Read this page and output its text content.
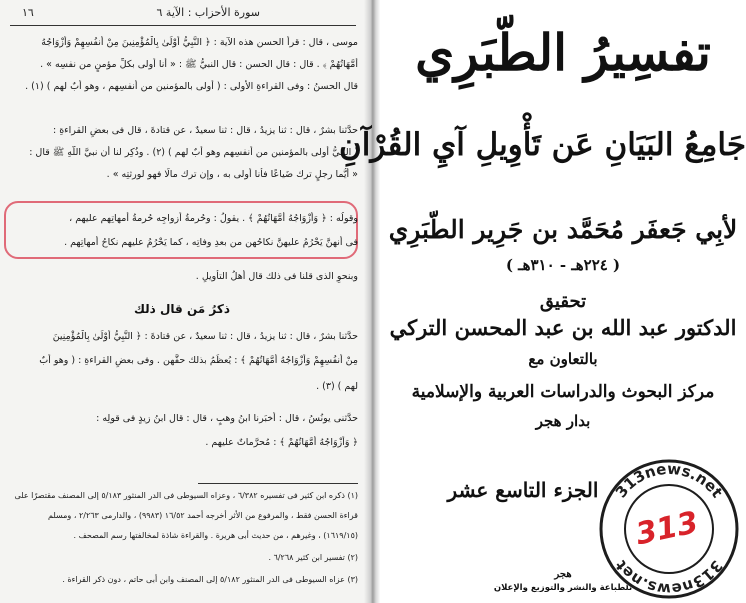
١٦	سورة الأحزاب : الآية ٦
موسى ، قال : قرأ الحسن هذه الآية : ﴿ النَّبِيُّ أَوْلَىٰ بِالْمُؤْمِنِينَ مِنْ أَنفُسِهِمْ وَأَزْوَاجُهُ
أُمَّهَاتُهُمْ ﴾ . قال : قال الحسن : قال النبيُّ ﷺ : « أنا أولى بكلِّ مؤمنٍ من نفسِه » .
قال الحسنُ : وفى القراءةِ الأولى : ( أولى بالمؤمنين من أنفسِهم ، وهو أبٌ لهم ) (١) .
حدَّثنا بشرٌ ، قال : ثنا يزيدُ ، قال : ثنا سعيدٌ ، عن قتادةَ ، قال فى بعضِ القراءةِ :
( النبيُّ أولى بالمؤمنين من أنفسِهم وهو أبٌ لهم ) (٢) . وذُكِر لنا أن نبيَّ اللَّهِ ﷺ قال :
« أيُّما رجلٍ ترك ضَياعًا فأنا أولى به ، وإن ترك مالًا فهو لورثتِه » .
وقولُه : ﴿ وَأَزْوَاجُهُ أُمَّهَاتُهُمْ ﴾ . يقولُ : وحُرمةُ أزواجِه حُرمةُ أمهاتِهم عليهم ،
فى أنهنَّ يَحْرُمُ عليهنَّ نكاحُهن من بعدِ وفاتِه ، كما يَحْرُمُ عليهم نكاحُ أمهاتِهم .
وبنحوِ الذى قلنا فى ذلك قال أهلُ التأويلِ .
ذكرُ مَن قال ذلك
حدَّثنا بشرٌ ، قال : ثنا يزيدُ ، قال : ثنا سعيدٌ ، عن قتادةَ : ﴿ النَّبِيُّ أَوْلَىٰ بِالْمُؤْمِنِينَ
مِنْ أَنفُسِهِمْ وَأَزْوَاجُهُ أُمَّهَاتُهُمْ ﴾ : يُعظِّمُ بذلك حقَّهن . وفى بعضِ القراءةِ : ( وهو أبٌ
لهم ) (٣) .
حدَّثنى يونُسُ ، قال : أخبَرنا ابنُ وهبٍ ، قال : قال ابنُ زيدٍ فى قولِه :
﴿ وَأَزْوَاجُهُ أُمَّهَاتُهُمْ ﴾ : مُحرَّماتٌ عليهم .
(١) ذكره ابن كثير فى تفسيره ٦/٣٨٢ ، وعزاه السيوطى فى الدر المنثور ٥/١٨٣ إلى المصنف مقتصرًا على
قراءة الحسن فقط ، والمرفوع من الأثر أخرجه أحمد ١٦/٥٢ (٩٩٨٣) ، والدارمى ٢/٢٦٣ ، ومسلم
(١٦١٩/١٥) ، وغيرهم ، من حديث أبى هريرة . والقراءة شاذة لمخالفتها رسم المصحف .
(٢) تفسير ابن كثير ٦/٢٦٨ .
(٣) عزاه السيوطى فى الدر المنثور ٥/١٨٢ إلى المصنف وابن أبى حاتم ، دون ذكر القراءة .
تفسِيرُ الطّبَرِي
جَامِعُ البَيَانِ عَن تَأْوِيلِ آيِ القُرْآنِ
لأبِي جَعفَر مُحَمَّد بن جَرِير الطّبَرِي
( ٢٢٤هـ - ٣١٠هـ )
تحقيق
الدكتور عبد الله بن عبد المحسن التركي
بالتعاون مع
مركز البحوث والدراسات العربية والإسلامية
بدار هجر
الجزء التاسع عشر
هجر
للطباعة والنشر والتوزيع والإعلان
313news.net
313news.net
313
